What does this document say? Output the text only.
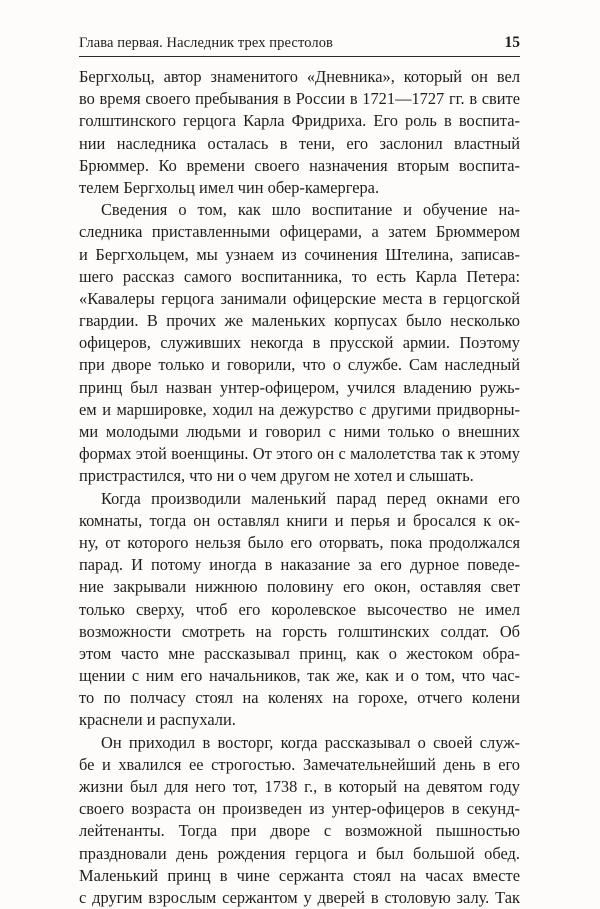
Глава первая. Наследник трех престолов	15
Бергхольц, автор знаменитого «Дневника», который он вел
во время своего пребывания в России в 1721—1727 гг. в свите
голштинского герцога Карла Фридриха. Его роль в воспита-
нии наследника осталась в тени, его заслонил властный
Брюммер. Ко времени своего назначения вторым воспита-
телем Бергхольц имел чин обер-камергера.
Сведения о том, как шло воспитание и обучение на-
следника приставленными офицерами, а затем Брюммером
и Бергхольцем, мы узнаем из сочинения Штелина, записав-
шего рассказ самого воспитанника, то есть Карла Петера:
«Кавалеры герцога занимали офицерские места в герцогской
гвардии. В прочих же маленьких корпусах было несколько
офицеров, служивших некогда в прусской армии. Поэтому
при дворе только и говорили, что о службе. Сам наследный
принц был назван унтер-офицером, учился владению ружь-
ем и маршировке, ходил на дежурство с другими придворны-
ми молодыми людьми и говорил с ними только о внешних
формах этой военщины. От этого он с малолетства так к этому
пристрастился, что ни о чем другом не хотел и слышать.
Когда производили маленький парад перед окнами его
комнаты, тогда он оставлял книги и перья и бросался к ок-
ну, от которого нельзя было его оторвать, пока продолжался
парад. И потому иногда в наказание за его дурное поведе-
ние закрывали нижнюю половину его окон, оставляя свет
только сверху, чтоб его королевское высочество не имел
возможности смотреть на горсть голштинских солдат. Об
этом часто мне рассказывал принц, как о жестоком обра-
щении с ним его начальников, так же, как и о том, что час-
то по полчасу стоял на коленях на горохе, отчего колени
краснели и распухали.
Он приходил в восторг, когда рассказывал о своей служ-
бе и хвалился ее строгостью. Замечательнейший день в его
жизни был для него тот, 1738 г., в который на девятом году
своего возраста он произведен из унтер-офицеров в секунд-
лейтенанты. Тогда при дворе с возможной пышностью
праздновали день рождения герцога и был большой обед.
Маленький принц в чине сержанта стоял на часах вместе
с другим взрослым сержантом у дверей в столовую залу. Так
